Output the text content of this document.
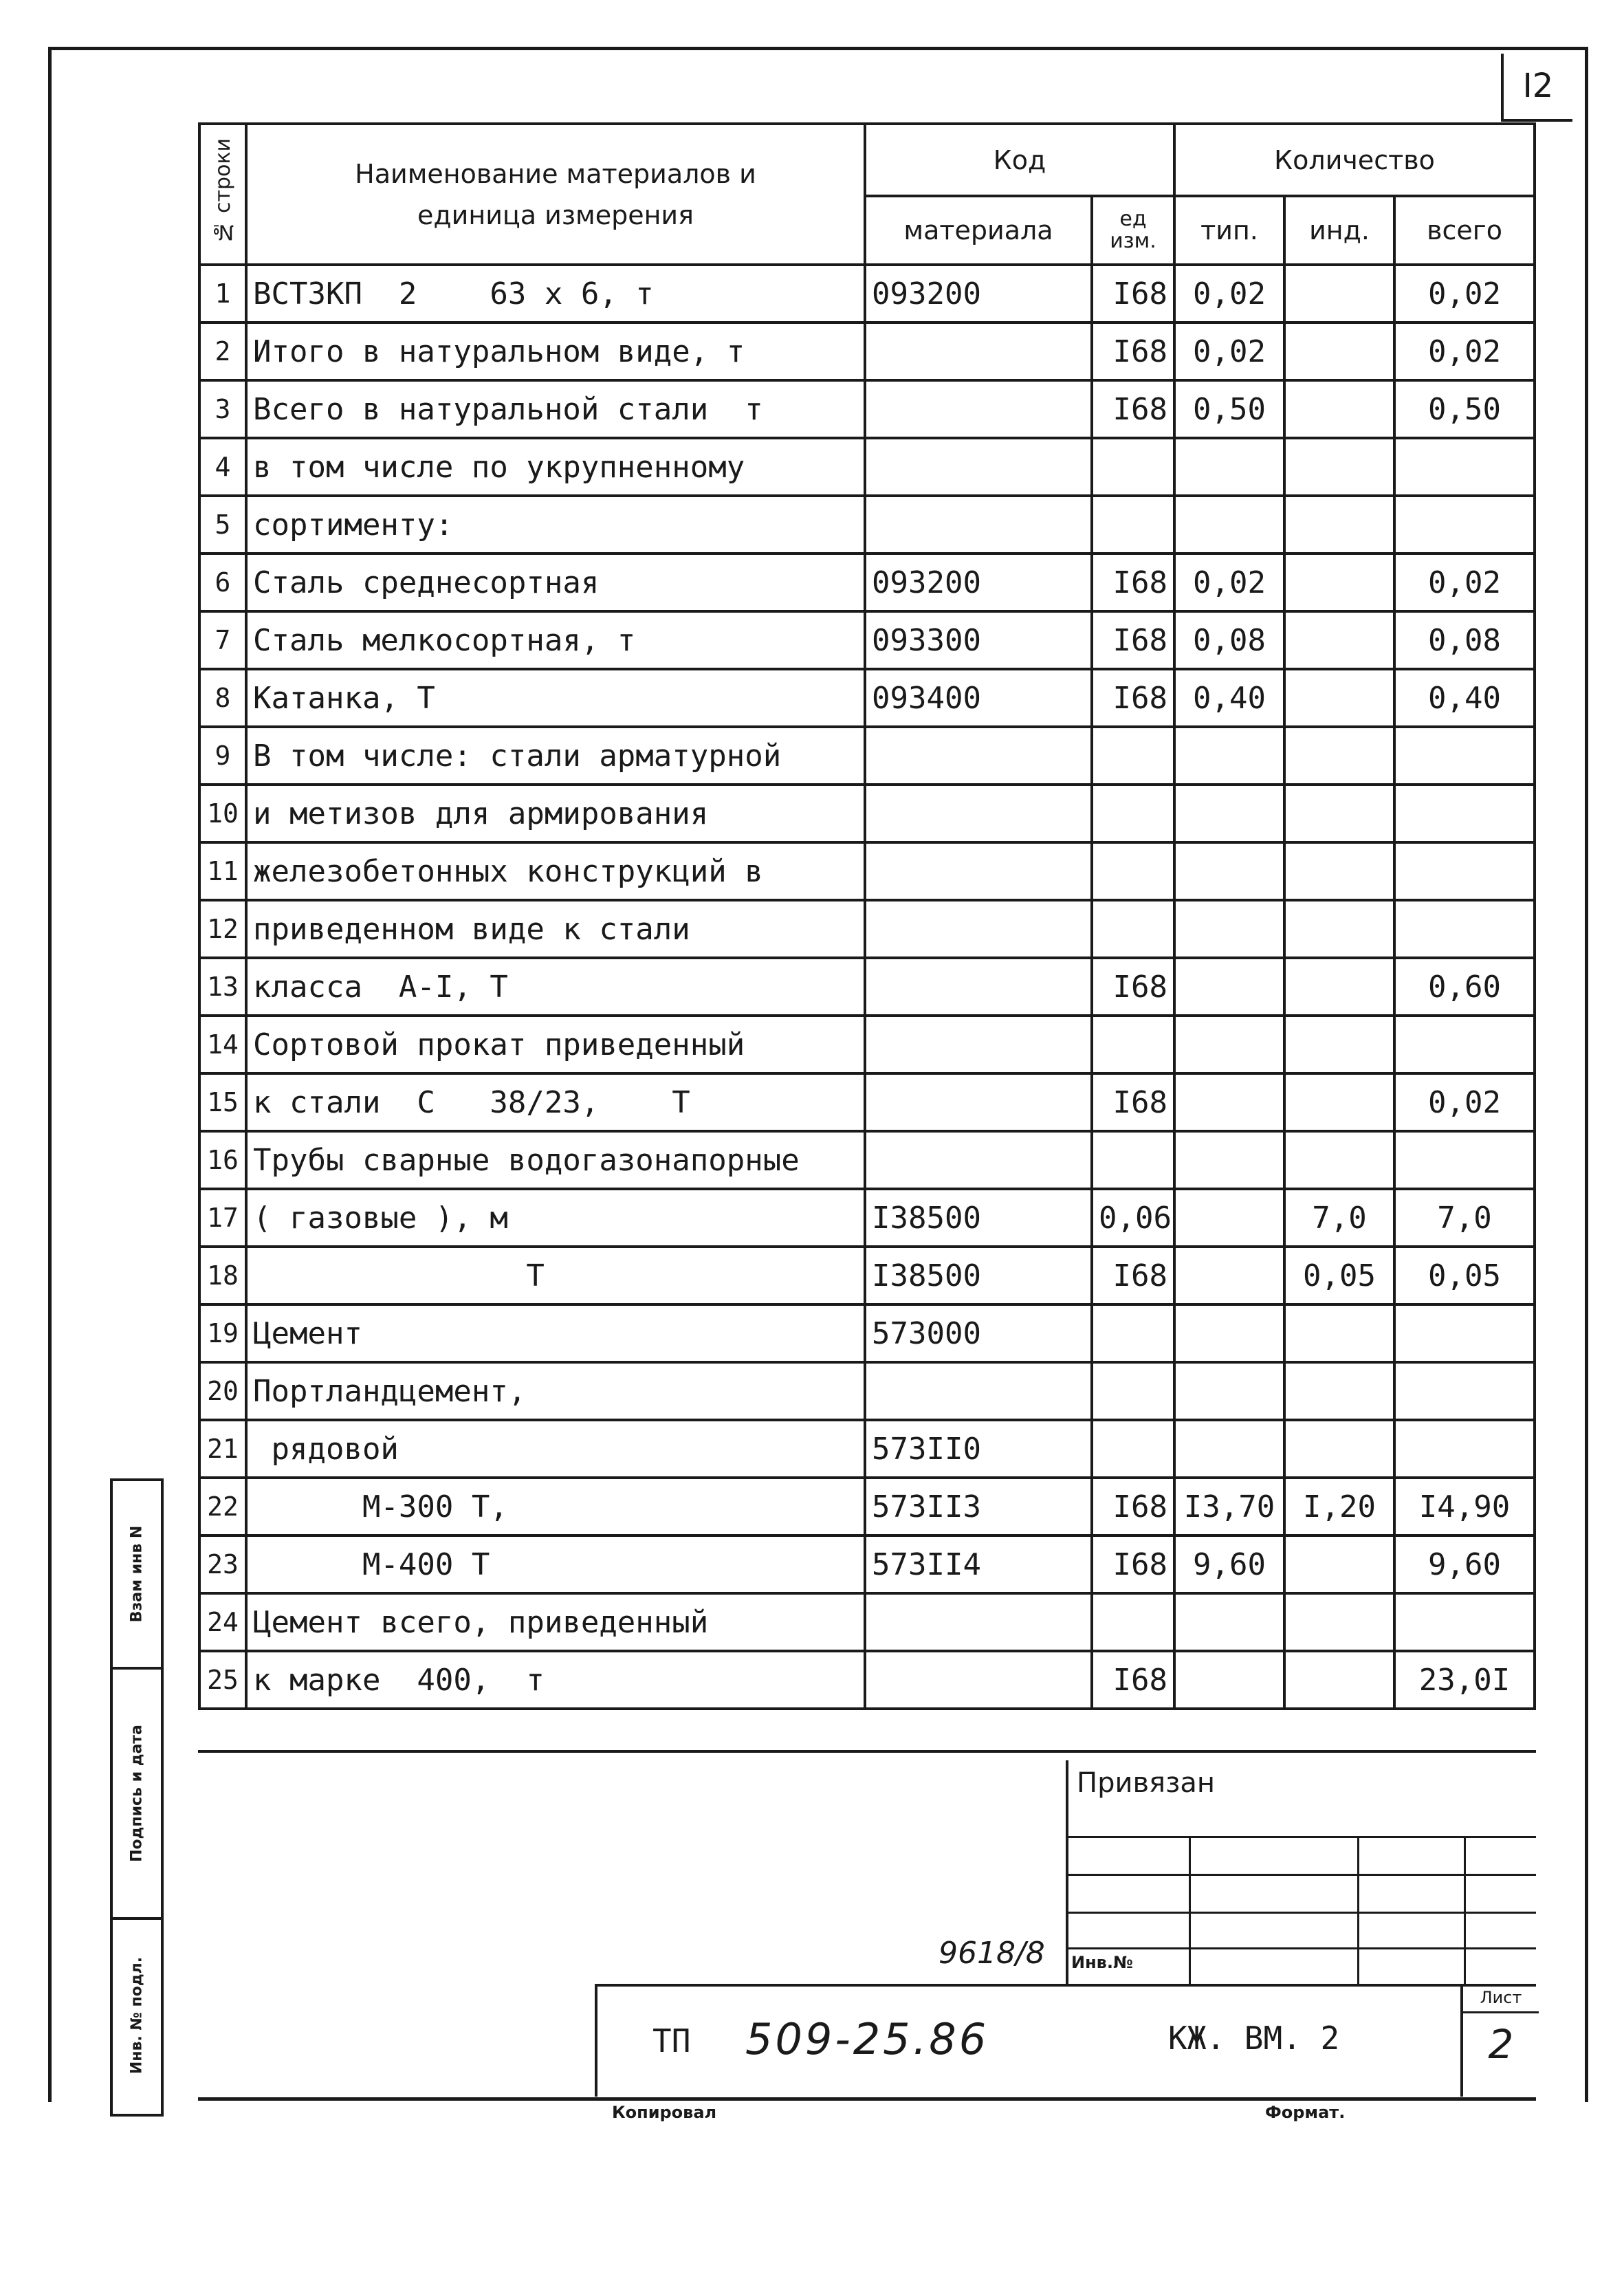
I2
Взам инв N
Подпись и дата
Инв. № подл.
№ строки	Наименование материалов и единица измерения	Код		Количество		
		материала	ед изм.	тип.	инд.	всего
1	ВСТ3КП  2    63 х 6, т	093200	I68	0,02		0,02
2	Итого в натуральном виде, т		I68	0,02		0,02
3	Всего в натуральной стали  т		I68	0,50		0,50
4	в том числе по укрупненному					
5	сортименту:					
6	Сталь среднесортная	093200	I68	0,02		0,02
7	Сталь мелкосортная, т	093300	I68	0,08		0,08
8	Катанка, Т	093400	I68	0,40		0,40
9	В том числе: стали арматурной					
10	и метизов для армирования					
11	железобетонных конструкций в					
12	приведенном виде к стали					
13	класса  А-I, Т		I68			0,60
14	Сортовой прокат приведенный					
15	к стали  С   38/23,    Т		I68			0,02
16	Трубы сварные водогазонапорные					
17	( газовые ), м	I38500	0,06		7,0	7,0
18	Т	I38500	I68		0,05	0,05
19	Цемент	573000				
20	Портландцемент,					
21	рядовой	573II0				
22	М-300 Т,	573II3	I68	I3,70	I,20	I4,90
23	М-400 Т	573II4	I68	9,60		9,60
24	Цемент всего, приведенный					
25	к марке  400,  т		I68			23,0I
Привязан
Инв.№
9618/8
ТП 509-25.86	КЖ. ВМ. 2
Лист
2
Копировал	Формат.
